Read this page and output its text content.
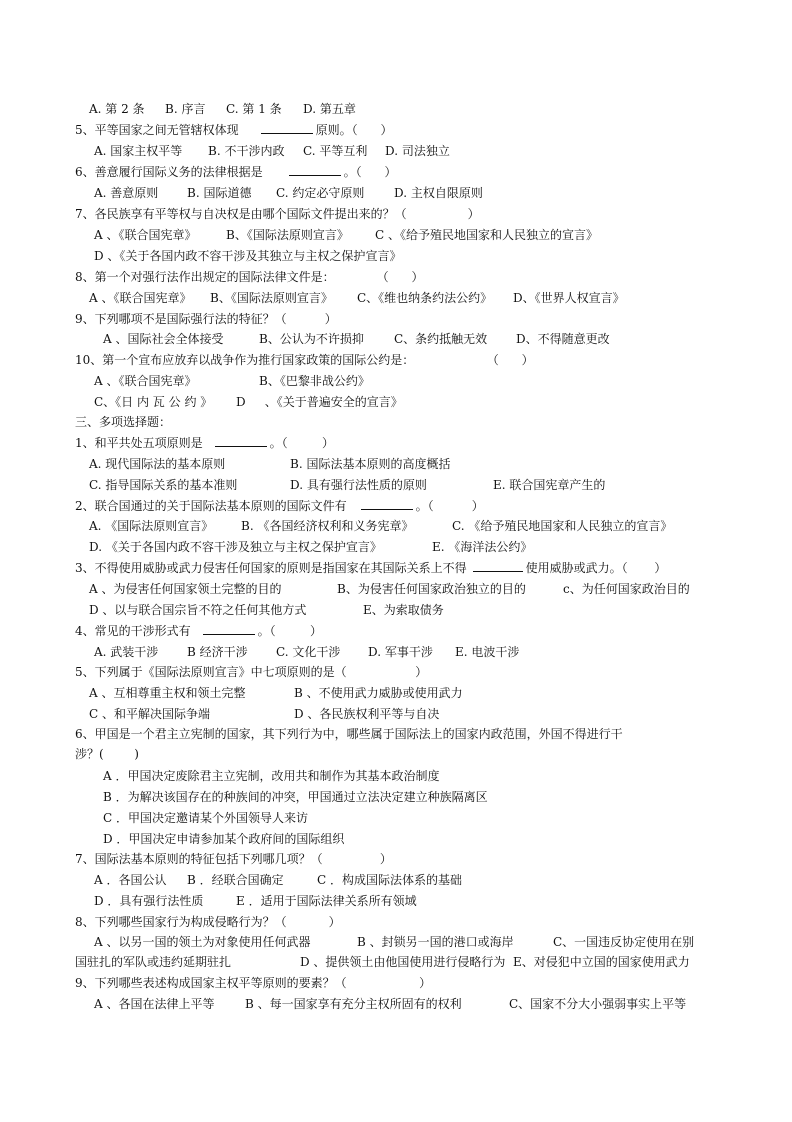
A. 第 2 条 B. 序言 C. 第 1 条 D. 第五章
5、平等国家之间无管辖权体现	原则。（      ）
A. 国家主权平等 B. 不干涉内政 C. 平等互利 D. 司法独立
6、善意履行国际义务的法律根据是	。（      ）
A. 善意原则 B. 国际道德 C. 约定必守原则 D. 主权自限原则
7、各民族享有平等权与自决权是由哪个国际文件提出来的？（                ）
A 、《联合国宪章》 B、《国际法原则宣言》 C 、《给予殖民地国家和人民独立的宣言》
D 、《关于各国内政不容干涉及其独立与主权之保护宣言》
8、第一个对强行法作出规定的国际法律文件是：           （      ）
A 、《联合国宪章》 B、《国际法原则宣言》 C、《维也纳条约法公约》 D、《世界人权宣言》
9、下列哪项不是国际强行法的特征？（          ）
A 、国际社会全体接受	B、公认为不许损抑	C、条约抵触无效 D、不得随意更改
10、第一个宣布应放弃以战争作为推行国家政策的国际公约是：                   （      ）
A 、《联合国宪章》	B、《巴黎非战公约》
C、《日 内 瓦 公 约 》 D     、《关于普遍安全的宣言》
三、多项选择题：
1、和平共处五项原则是	。（         ）
A. 现代国际法的基本原则	B. 国际法基本原则的高度概括
C. 指导国际关系的基本准则	D. 具有强行法性质的原则	E. 联合国宪章产生的
2、联合国通过的关于国际法基本原则的国际文件有	。（          ）
A. 《国际法原则宣言》 B. 《各国经济权利和义务宪章》	C. 《给予殖民地国家和人民独立的宣言》
D. 《关于各国内政不容干涉及独立与主权之保护宣言》	E. 《海洋法公约》
3、不得使用威胁或武力侵害任何国家的原则是指国家在其国际关系上不得	使用威胁或武力。（       ）
A 、为侵害任何国家领土完整的目的	B、为侵害任何国家政治独立的目的	c、为任何国家政治目的
D 、以与联合国宗旨不符之任何其他方式	E、为索取债务
4、常见的干涉形式有	。（         ）
A. 武装干涉 B 经济干涉 C. 文化干涉 D. 军事干涉 E. 电波干涉
5、下列属于《国际法原则宣言》中七项原则的是（                  ）
A 、互相尊重主权和领土完整	B 、不使用武力威胁或使用武力
C 、和平解决国际争端	D 、各民族权利平等与自决
6、甲国是一个君主立宪制的国家，其下列行为中，哪些属于国际法上的国家内政范围，外国不得进行干
涉？(        )
A ．甲国决定废除君主立宪制，改用共和制作为其基本政治制度
B ．为解决该国存在的种族间的冲突，甲国通过立法决定建立种族隔离区
C ．甲国决定邀请某个外国领导人来访
D ．甲国决定申请参加某个政府间的国际组织
7、国际法基本原则的特征包括下列哪几项？（               ）
A ．各国公认 B ．经联合国确定	C ．构成国际法体系的基础
D ．具有强行法性质	E ．适用于国际法律关系所有领域
8、下列哪些国家行为构成侵略行为？（           ）
A 、以另一国的领土为对象使用任何武器	B 、封锁另一国的港口或海岸	C、一国违反协定使用在别
国驻扎的军队或违约延期驻扎	D 、提供领土由他国使用进行侵略行为 E、对侵犯中立国的国家使用武力
9、下列哪些表述构成国家主权平等原则的要素？（                   ）
A 、各国在法律上平等	B 、每一国家享有充分主权所固有的权利	C、国家不分大小强弱事实上平等
